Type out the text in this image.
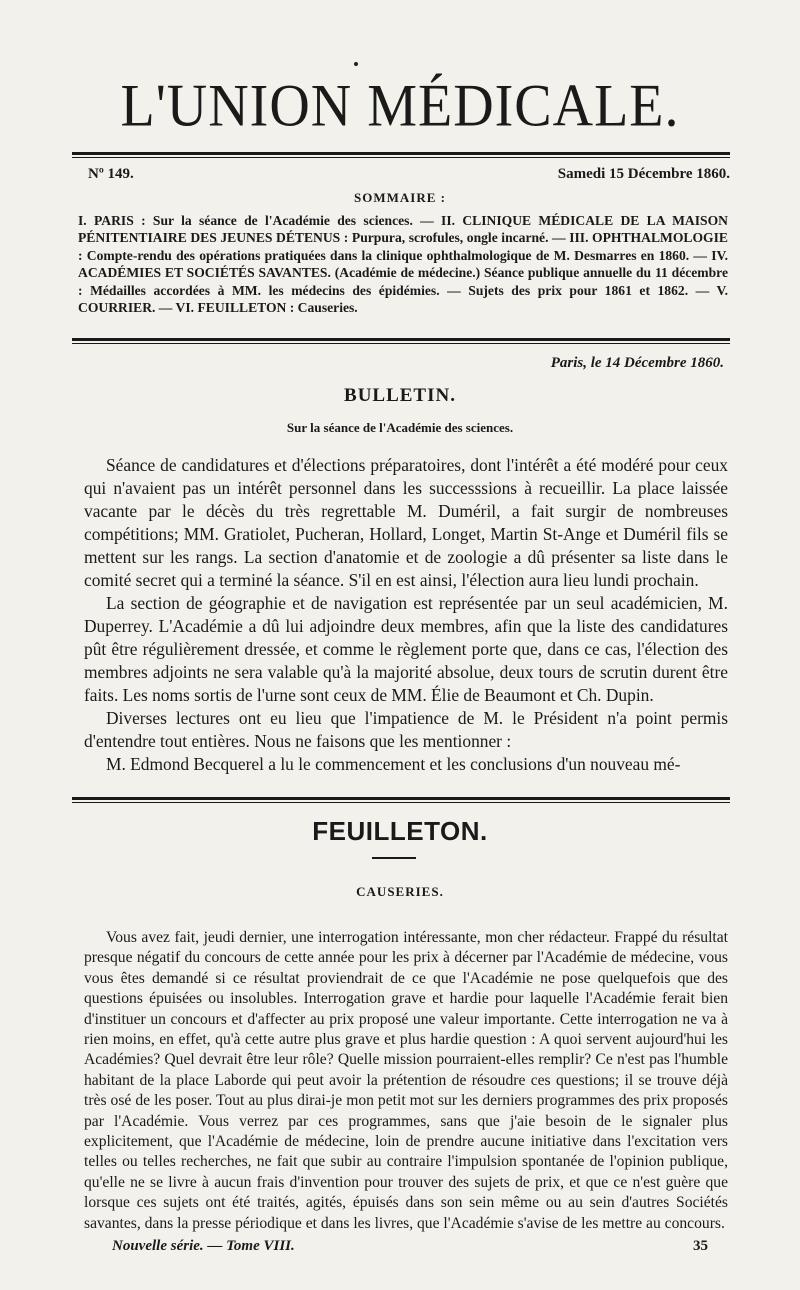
L'UNION MÉDICALE.
Nº 149.	Samedi 15 Décembre 1860.
SOMMAIRE :
I. PARIS : Sur la séance de l'Académie des sciences. — II. CLINIQUE MÉDICALE DE LA MAISON PÉNITENTIAIRE DES JEUNES DÉTENUS : Purpura, scrofules, ongle incarné. — III. OPHTHALMOLOGIE : Compte-rendu des opérations pratiquées dans la clinique ophthalmologique de M. Desmarres en 1860. — IV. ACADÉMIES ET SOCIÉTÉS SAVANTES. (Académie de médecine.) Séance publique annuelle du 11 décembre : Médailles accordées à MM. les médecins des épidémies. — Sujets des prix pour 1861 et 1862. — V. COURRIER. — VI. FEUILLETON : Causeries.
Paris, le 14 Décembre 1860.
BULLETIN.
Sur la séance de l'Académie des sciences.

Séance de candidatures et d'élections préparatoires, dont l'intérêt a été modéré pour ceux qui n'avaient pas un intérêt personnel dans les successsions à recueillir. La place laissée vacante par le décès du très regrettable M. Duméril, a fait surgir de nombreuses compétitions; MM. Gratiolet, Pucheran, Hollard, Longet, Martin St-Ange et Duméril fils se mettent sur les rangs. La section d'anatomie et de zoologie a dû présenter sa liste dans le comité secret qui a terminé la séance. S'il en est ainsi, l'élection aura lieu lundi prochain.

La section de géographie et de navigation est représentée par un seul académicien, M. Duperrey. L'Académie a dû lui adjoindre deux membres, afin que la liste des candidatures pût être régulièrement dressée, et comme le règlement porte que, dans ce cas, l'élection des membres adjoints ne sera valable qu'à la majorité absolue, deux tours de scrutin durent être faits. Les noms sortis de l'urne sont ceux de MM. Élie de Beaumont et Ch. Dupin.

Diverses lectures ont eu lieu que l'impatience de M. le Président n'a point permis d'entendre tout entières. Nous ne faisons que les mentionner :

M. Edmond Becquerel a lu le commencement et les conclusions d'un nouveau mé-

FEUILLETON.
CAUSERIES.

Vous avez fait, jeudi dernier, une interrogation intéressante, mon cher rédacteur. Frappé du résultat presque négatif du concours de cette année pour les prix à décerner par l'Académie de médecine, vous vous êtes demandé si ce résultat proviendrait de ce que l'Académie ne pose quelquefois que des questions épuisées ou insolubles. Interrogation grave et hardie pour laquelle l'Académie ferait bien d'instituer un concours et d'affecter au prix proposé une valeur importante. Cette interrogation ne va à rien moins, en effet, qu'à cette autre plus grave et plus hardie question : A quoi servent aujourd'hui les Académies? Quel devrait être leur rôle? Quelle mission pourraient-elles remplir? Ce n'est pas l'humble habitant de la place Laborde qui peut avoir la prétention de résoudre ces questions; il se trouve déjà très osé de les poser. Tout au plus dirai-je mon petit mot sur les derniers programmes des prix proposés par l'Académie. Vous verrez par ces programmes, sans que j'aie besoin de le signaler plus explicitement, que l'Académie de médecine, loin de prendre aucune initiative dans l'excitation vers telles ou telles recherches, ne fait que subir au contraire l'impulsion spontanée de l'opinion publique, qu'elle ne se livre à aucun frais d'invention pour trouver des sujets de prix, et que ce n'est guère que lorsque ces sujets ont été traités, agités, épuisés dans son sein même ou au sein d'autres Sociétés savantes, dans la presse périodique et dans les livres, que l'Académie s'avise de les mettre au concours.

Nouvelle série. — Tome VIII.	35
